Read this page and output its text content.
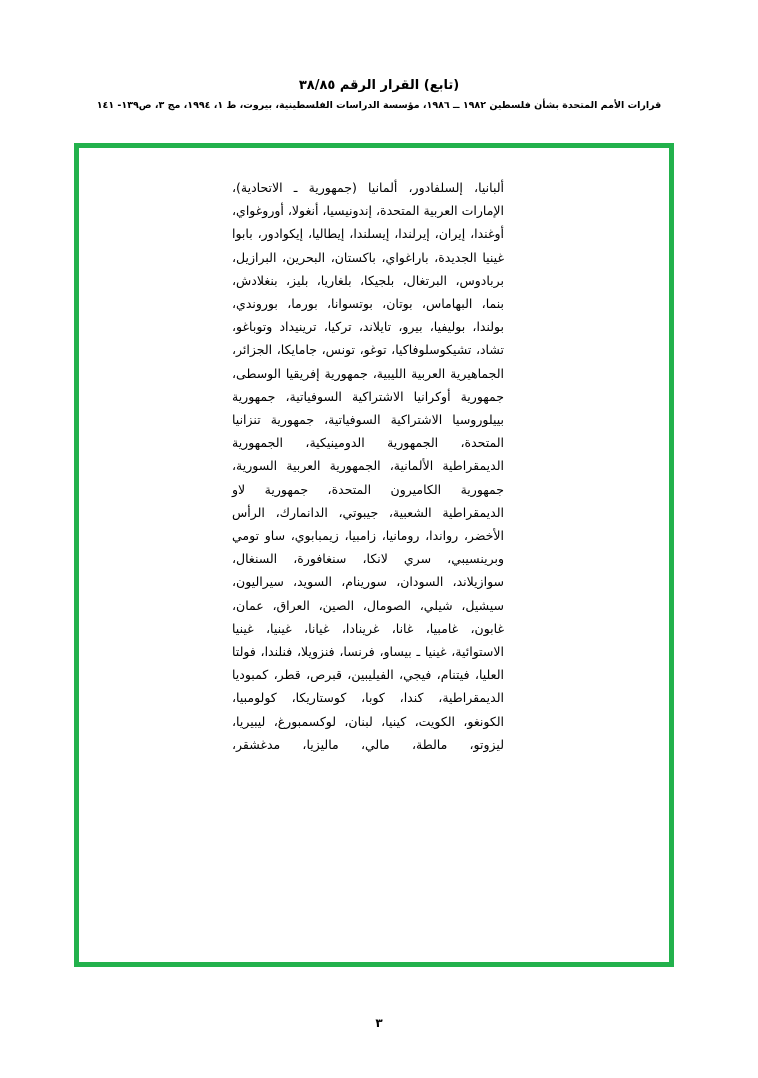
(تابع) القرار الرقم ٣٨/٨٥
قرارات الأمم المتحدة بشأن فلسطين ١٩٨٢ ــ ١٩٨٦، مؤسسة الدراسات الفلسطينية، بيروت، ط ١، ١٩٩٤، مج ٣، ص١٣٩- ١٤١

ألبانيا، إلسلفادور، ألمانيا (جمهورية ـ الاتحادية)، الإمارات العربية المتحدة، إندونيسيا، أنغولا، أوروغواي، أوغندا، إيران، إيرلندا، إيسلندا، إيطاليا، إيكوادور، بابوا غينيا الجديدة، باراغواي، باكستان، البحرين، البرازيل، بربادوس، البرتغال، بلجيكا، بلغاريا، بليز، بنغلادش، بنما، البهاماس، بوتان، بوتسوانا، بورما، بوروندي، بولندا، بوليفيا، بيرو، تايلاند، تركيا، ترينيداد وتوباغو، تشاد، تشيكوسلوفاكيا، توغو، تونس، جامايكا، الجزائر، الجماهيرية العربية الليبية، جمهورية إفريقيا الوسطى، جمهورية أوكرانيا الاشتراكية السوفياتية، جمهورية بييلوروسيا الاشتراكية السوفياتية، جمهورية تنزانيا المتحدة، الجمهورية الدومينيكية، الجمهورية الديمقراطية الألمانية، الجمهورية العربية السورية، جمهورية الكاميرون المتحدة، جمهورية لاو الديمقراطية الشعبية، جيبوتي، الدانمارك، الرأس الأخضر، رواندا، رومانيا، زامبيا، زيمبابوي، ساو تومي وبرينسيبي، سري لانكا، سنغافورة، السنغال، سوازيلاند، السودان، سورينام، السويد، سيراليون، سيشيل، شيلي، الصومال، الصين، العراق، عمان، غابون، غامبيا، غانا، غرينادا، غيانا، غينيا، غينيا الاستوائية، غينيا ـ بيساو، فرنسا، فنزويلا، فنلندا، فولتا العليا، فيتنام، فيجي، الفيليبين، قبرص، قطر، كمبوديا الديمقراطية، كندا، كوبا، كوستاريكا، كولومبيا، الكونغو، الكويت، كينيا، لبنان، لوكسمبورغ، ليبيريا، ليزوتو، مالطة، مالي، ماليزيا، مدغشقر،

٣
